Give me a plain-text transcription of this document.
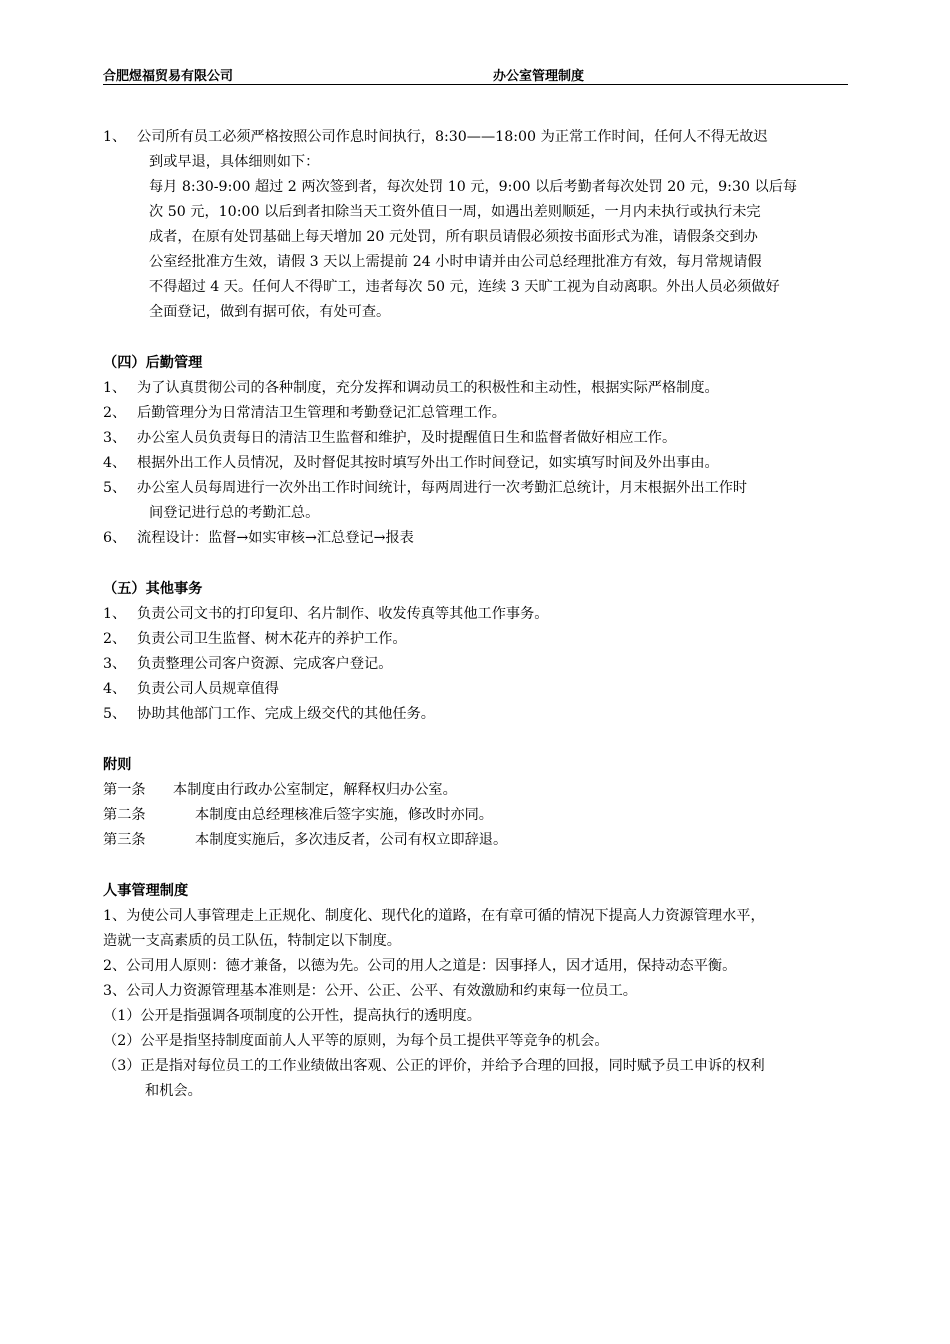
合肥煜福贸易有限公司	办公室管理制度
1、 公司所有员工必须严格按照公司作息时间执行，8:30——18:00 为正常工作时间，任何人不得无故迟
到或早退，具体细则如下：
每月 8:30-9:00 超过 2 两次签到者，每次处罚 10 元，9:00 以后考勤者每次处罚 20 元，9:30 以后每
次 50 元，10:00 以后到者扣除当天工资外值日一周，如遇出差则顺延，一月内未执行或执行未完
成者，在原有处罚基础上每天增加 20 元处罚，所有职员请假必须按书面形式为准，请假条交到办
公室经批准方生效，请假 3 天以上需提前 24 小时申请并由公司总经理批准方有效，每月常规请假
不得超过 4 天。任何人不得旷工，违者每次 50 元，连续 3 天旷工视为自动离职。外出人员必须做好
全面登记，做到有据可依，有处可查。
（四）后勤管理
1、 为了认真贯彻公司的各种制度，充分发挥和调动员工的积极性和主动性，根据实际严格制度。
2、 后勤管理分为日常清洁卫生管理和考勤登记汇总管理工作。
3、 办公室人员负责每日的清洁卫生监督和维护，及时提醒值日生和监督者做好相应工作。
4、 根据外出工作人员情况，及时督促其按时填写外出工作时间登记，如实填写时间及外出事由。
5、 办公室人员每周进行一次外出工作时间统计，每两周进行一次考勤汇总统计，月末根据外出工作时
间登记进行总的考勤汇总。
6、 流程设计：监督→如实审核→汇总登记→报表
（五）其他事务
1、 负责公司文书的打印复印、名片制作、收发传真等其他工作事务。
2、 负责公司卫生监督、树木花卉的养护工作。
3、 负责整理公司客户资源、完成客户登记。
4、 负责公司人员规章值得
5、 协助其他部门工作、完成上级交代的其他任务。
附则
第一条 本制度由行政办公室制定，解释权归办公室。
第二条	本制度由总经理核准后签字实施，修改时亦同。
第三条	本制度实施后，多次违反者，公司有权立即辞退。
人事管理制度
1、为使公司人事管理走上正规化、制度化、现代化的道路，在有章可循的情况下提高人力资源管理水平，
造就一支高素质的员工队伍，特制定以下制度。
2、公司用人原则：德才兼备，以德为先。公司的用人之道是：因事择人，因才适用，保持动态平衡。
3、公司人力资源管理基本准则是：公开、公正、公平、有效激励和约束每一位员工。
（1）公开是指强调各项制度的公开性，提高执行的透明度。
（2）公平是指坚持制度面前人人平等的原则，为每个员工提供平等竞争的机会。
（3）正是指对每位员工的工作业绩做出客观、公正的评价，并给予合理的回报，同时赋予员工申诉的权利
和机会。
